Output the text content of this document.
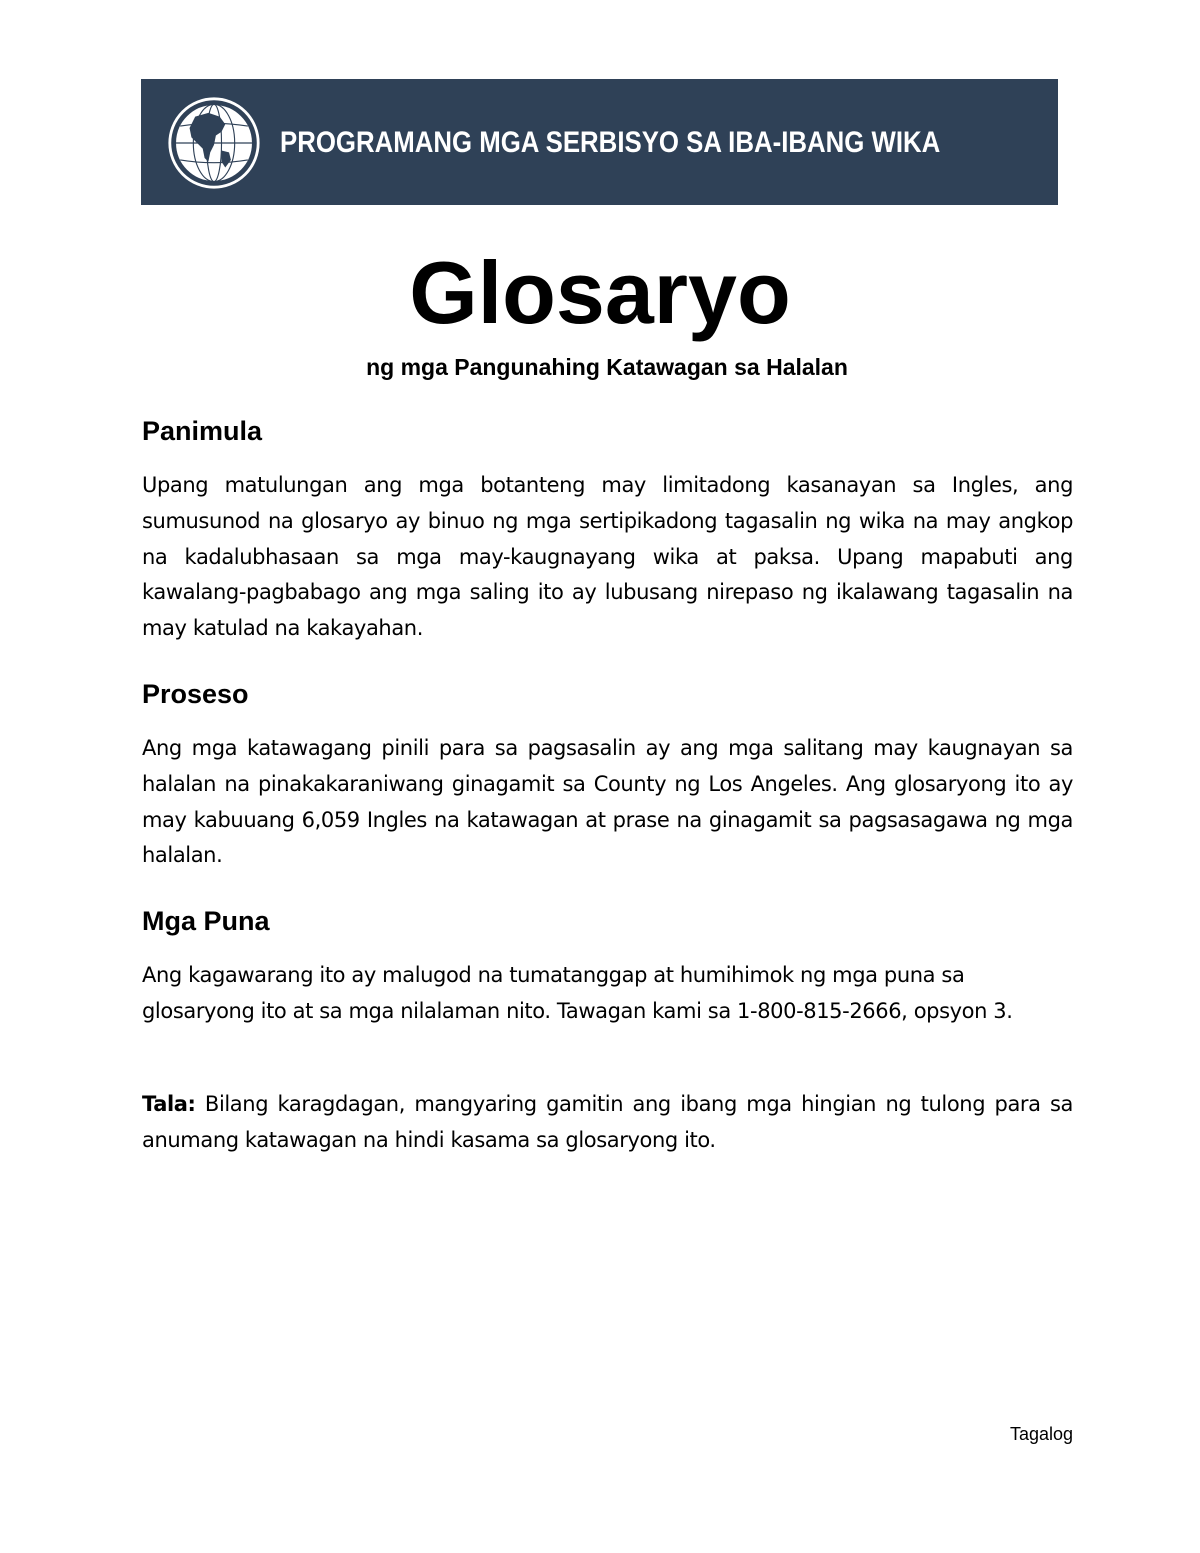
PROGRAMANG MGA SERBISYO SA IBA-IBANG WIKA
Glosaryo
ng mga Pangunahing Katawagan sa Halalan
Panimula

Upang matulungan ang mga botanteng may limitadong kasanayan sa Ingles, ang sumusunod na glosaryo ay binuo ng mga sertipikadong tagasalin ng wika na may angkop na kadalubhasaan sa mga may-kaugnayang wika at paksa. Upang mapabuti ang kawalang-pagbabago ang mga saling ito ay lubusang nirepaso ng ikalawang tagasalin na may katulad na kakayahan.

Proseso

Ang mga katawagang pinili para sa pagsasalin ay ang mga salitang may kaugnayan sa halalan na pinakakaraniwang ginagamit sa County ng Los Angeles. Ang glosaryong ito ay may kabuuang 6,059 Ingles na katawagan at prase na ginagamit sa pagsasagawa ng mga halalan.

Mga Puna

Ang kagawarang ito ay malugod na tumatanggap at humihimok ng mga puna sa glosaryong ito at sa mga nilalaman nito. Tawagan kami sa 1-800-815-2666, opsyon 3.

Tala: Bilang karagdagan, mangyaring gamitin ang ibang mga hingian ng tulong para sa anumang katawagan na hindi kasama sa glosaryong ito.

Tagalog
